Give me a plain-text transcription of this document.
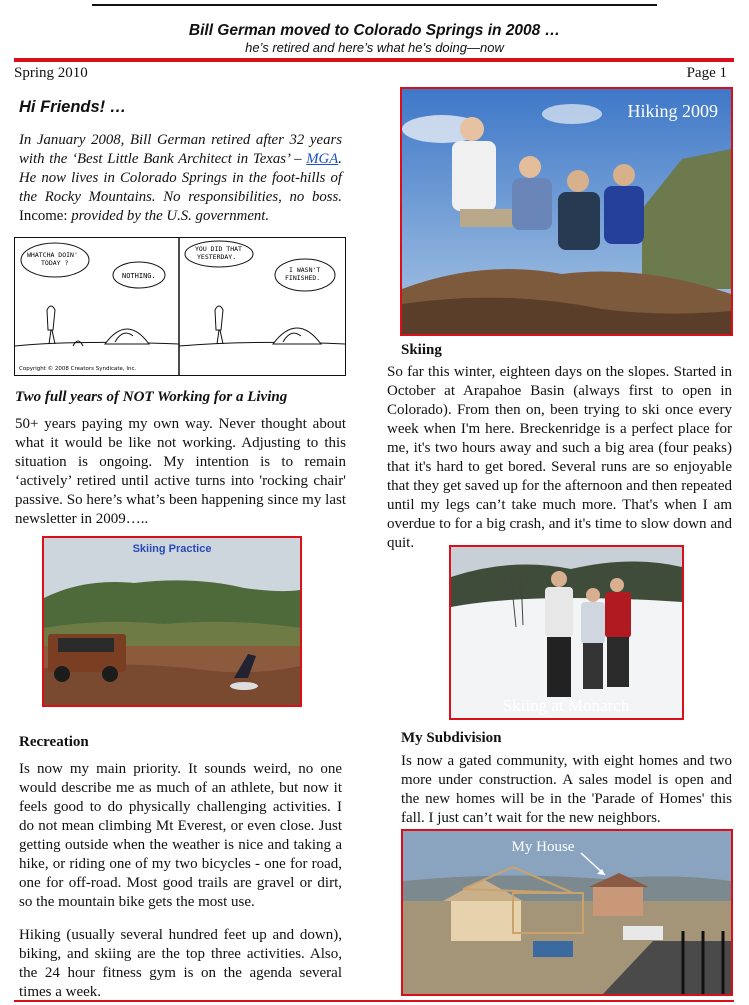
Bill German moved to Colorado Springs in 2008 …
he’s retired and here’s what he’s doing—now
Spring 2010	Page 1
Hi Friends! …
In January 2008, Bill German retired after 32 years with the ‘Best Little Bank Architect in Texas’ – MGA. He now lives in Colorado Springs in the foot-hills of the Rocky Mountains. No responsibilities, no boss. Income: provided by the U.S. government.
WHATCHA DOIN' TODAY ?
NOTHING.
YOU DID THAT YESTERDAY.
I WASN'T FINISHED.
Copyright © 2008 Creators Syndicate, Inc.
Two full years of NOT Working for a Living
50+ years paying my own way. Never thought about what it would be like not working. Adjusting to this situation is ongoing. My intention is to remain ‘actively’ retired until active turns into 'rocking chair' passive. So here’s what’s been happening since my last newsletter in 2009…..
Skiing Practice
Recreation
Is now my main priority. It sounds weird, no one would describe me as much of an athlete, but now it feels good to do physically challenging activities. I do not mean climbing Mt Everest, or even close. Just getting outside when the weather is nice and taking a hike, or riding one of my two bicycles - one for road, one for off-road. Most good trails are gravel or dirt, so the mountain bike gets the most use.
Hiking (usually several hundred feet up and down), biking, and skiing are the top three activities. Also, the 24 hour fitness gym is on the agenda several times a week.
Hiking 2009
Skiing
So far this winter, eighteen days on the slopes. Started in October at Arapahoe Basin (always first to open in Colorado). From then on, been trying to ski once every week when I'm here. Breckenridge is a perfect place for me, it's two hours away and such a big area (four peaks) that it's hard to get bored. Several runs are so enjoyable that they get saved up for the afternoon and then repeated until my legs can’t take much more. That's when I am overdue to for a big crash, and it's time to slow down and quit.
Skiing at Monarch
My Subdivision
Is now a gated community, with eight homes and two more under construction. A sales model is open and the new homes will be in the 'Parade of Homes' this fall. I just can’t wait for the new neighbors.
My House
